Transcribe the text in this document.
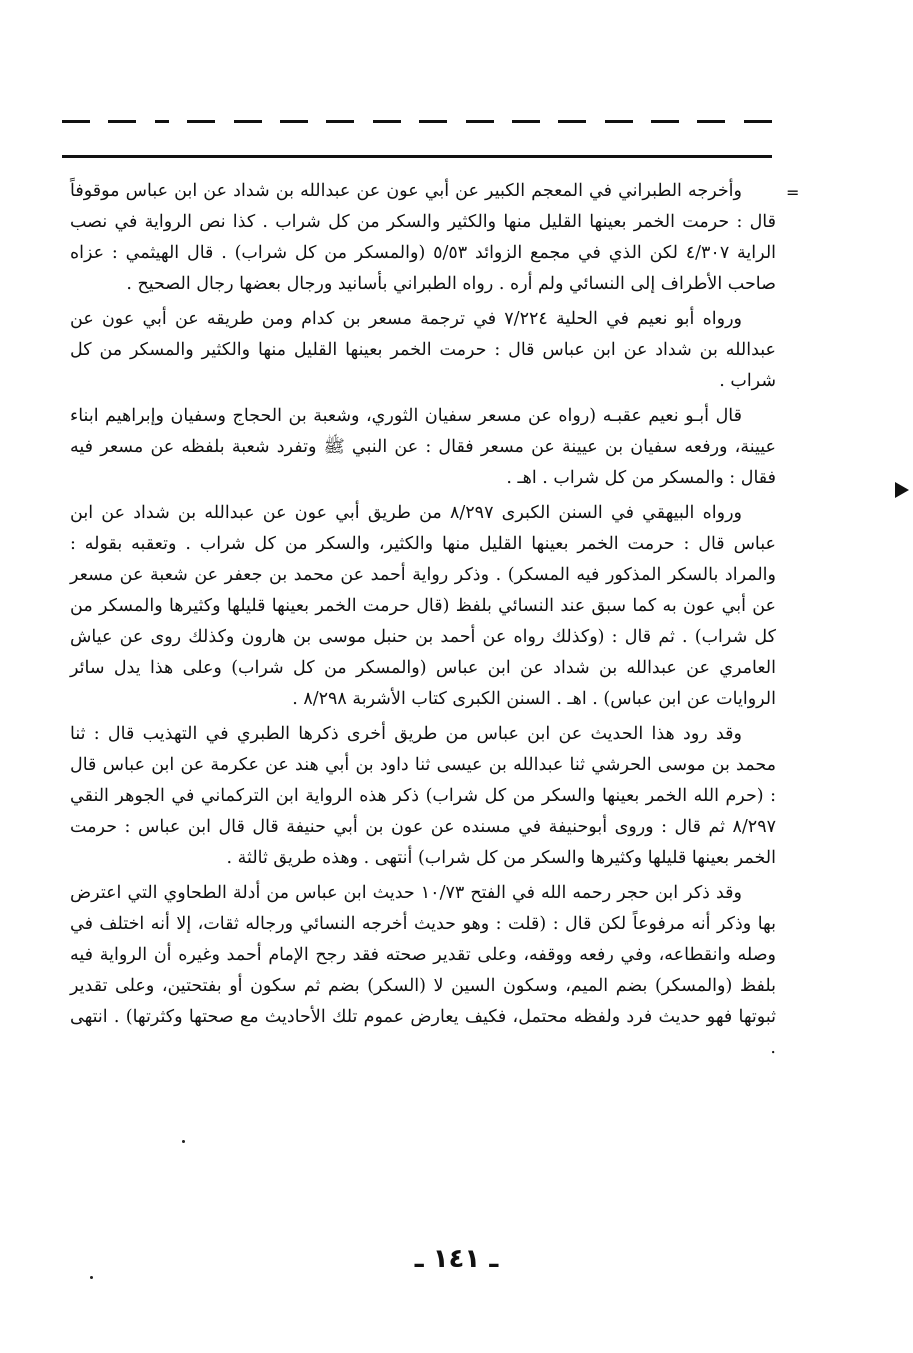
=

وأخرجه الطبراني في المعجم الكبير عن أبي عون عن عبدالله بن شداد عن ابن عباس موقوفاً قال : حرمت الخمر بعينها القليل منها والكثير والسكر من كل شراب . كذا نص الرواية في نصب الراية ٤/٣٠٧ لكن الذي في مجمع الزوائد ٥/٥٣ (والمسكر من كل شراب) . قال الهيثمي : عزاه صاحب الأطراف إلى النسائي ولم أره . رواه الطبراني بأسانيد ورجال بعضها رجال الصحيح .

ورواه أبو نعيم في الحلية ٧/٢٢٤ في ترجمة مسعر بن كدام ومن طريقه عن أبي عون عن عبدالله بن شداد عن ابن عباس قال : حرمت الخمر بعينها القليل منها والكثير والمسكر من كل شراب .

قال أبـو نعيم عقبـه (رواه عن مسعر سفيان الثوري، وشعبة بن الحجاج وسفيان وإبراهيم ابناء عيينة، ورفعه سفيان بن عيينة عن مسعر فقال : عن النبي ﷺ وتفرد شعبة بلفظه عن مسعر فيه فقال : والمسكر من كل شراب . اهـ .

ورواه البيهقي في السنن الكبرى ٨/٢٩٧ من طريق أبي عون عن عبدالله بن شداد عن ابن عباس قال : حرمت الخمر بعينها القليل منها والكثير، والسكر من كل شراب . وتعقبه بقوله : والمراد بالسكر المذكور فيه المسكر) . وذكر رواية أحمد عن محمد بن جعفر عن شعبة عن مسعر عن أبي عون به كما سبق عند النسائي بلفظ (قال حرمت الخمر بعينها قليلها وكثيرها والمسكر من كل شراب) . ثم قال : (وكذلك رواه عن أحمد بن حنبل موسى بن هارون وكذلك روى عن عياش العامري عن عبدالله بن شداد عن ابن عباس (والمسكر من كل شراب) وعلى هذا يدل سائر الروايات عن ابن عباس) . اهـ . السنن الكبرى كتاب الأشربة ٨/٢٩٨ .

وقد رود هذا الحديث عن ابن عباس من طريق أخرى ذكرها الطبري في التهذيب قال : ثنا محمد بن موسى الحرشي ثنا عبدالله بن عيسى ثنا داود بن أبي هند عن عكرمة عن ابن عباس قال : (حرم الله الخمر بعينها والسكر من كل شراب) ذكر هذه الرواية ابن التركماني في الجوهر النقي ٨/٢٩٧ ثم قال : وروى أبوحنيفة في مسنده عن عون بن أبي حنيفة قال قال ابن عباس : حرمت الخمر بعينها قليلها وكثيرها والسكر من كل شراب) أنتهى . وهذه طريق ثالثة .

وقد ذكر ابن حجر رحمه الله في الفتح ١٠/٧٣ حديث ابن عباس من أدلة الطحاوي التي اعترض بها وذكر أنه مرفوعاً لكن قال : (قلت : وهو حديث أخرجه النسائي ورجاله ثقات، إلا أنه اختلف في وصله وانقطاعه، وفي رفعه ووقفه، وعلى تقدير صحته فقد رجح الإمام أحمد وغيره أن الرواية فيه بلفظ (والمسكر) بضم الميم، وسكون السين لا (السكر) بضم ثم سكون أو بفتحتين، وعلى تقدير ثبوتها فهو حديث فرد ولفظه محتمل، فكيف يعارض عموم تلك الأحاديث مع صحتها وكثرتها) . انتهى .

ـ ١٤١ ـ
